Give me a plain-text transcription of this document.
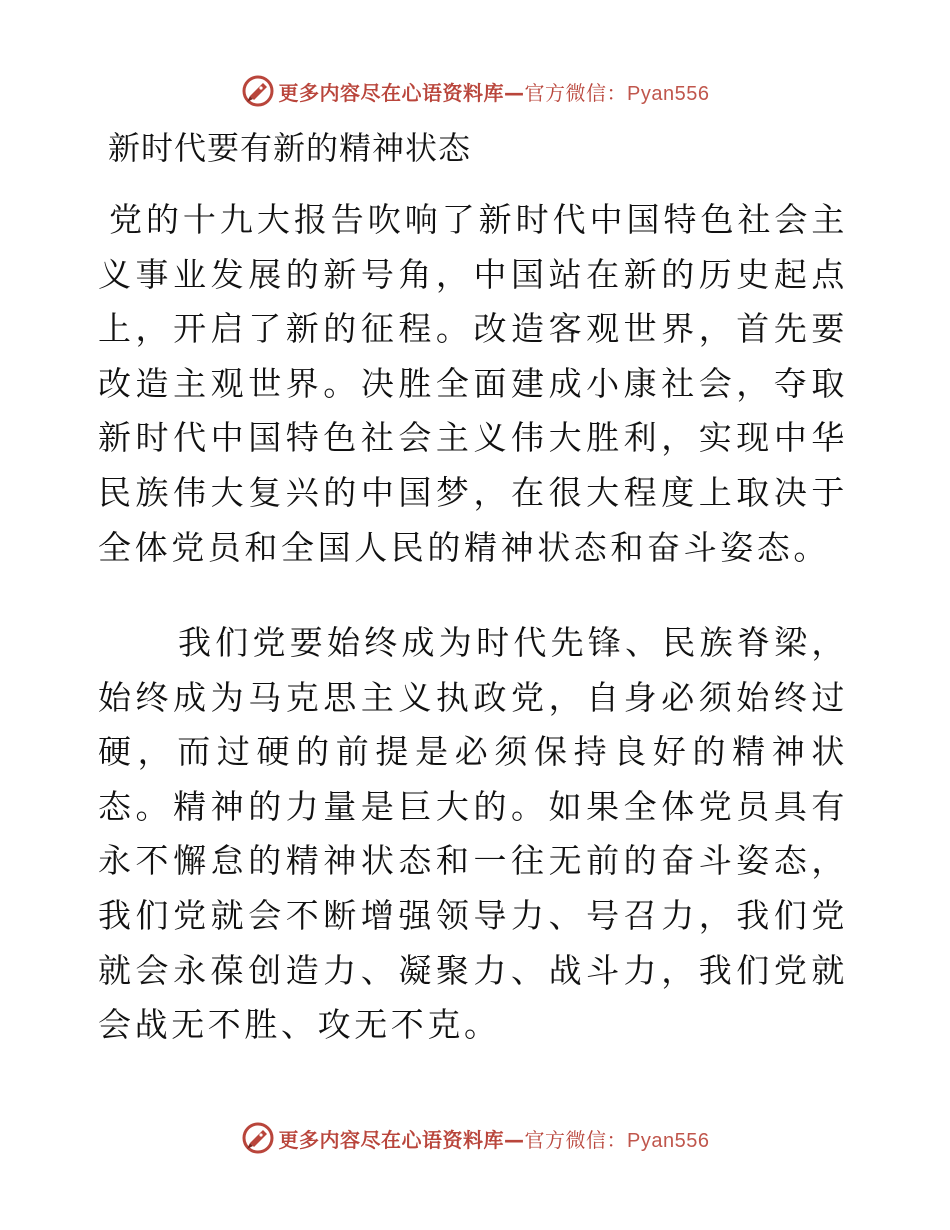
更多内容尽在心语资料库—官方微信：Pyan556
新时代要有新的精神状态

党的十九大报告吹响了新时代中国特色社会主义事业发展的新号角，中国站在新的历史起点上，开启了新的征程。改造客观世界，首先要改造主观世界。决胜全面建成小康社会，夺取新时代中国特色社会主义伟大胜利，实现中华民族伟大复兴的中国梦，在很大程度上取决于全体党员和全国人民的精神状态和奋斗姿态。

我们党要始终成为时代先锋、民族脊梁，始终成为马克思主义执政党，自身必须始终过硬，而过硬的前提是必须保持良好的精神状态。精神的力量是巨大的。如果全体党员具有永不懈怠的精神状态和一往无前的奋斗姿态，我们党就会不断增强领导力、号召力，我们党就会永葆创造力、凝聚力、战斗力，我们党就会战无不胜、攻无不克。

更多内容尽在心语资料库—官方微信：Pyan556
